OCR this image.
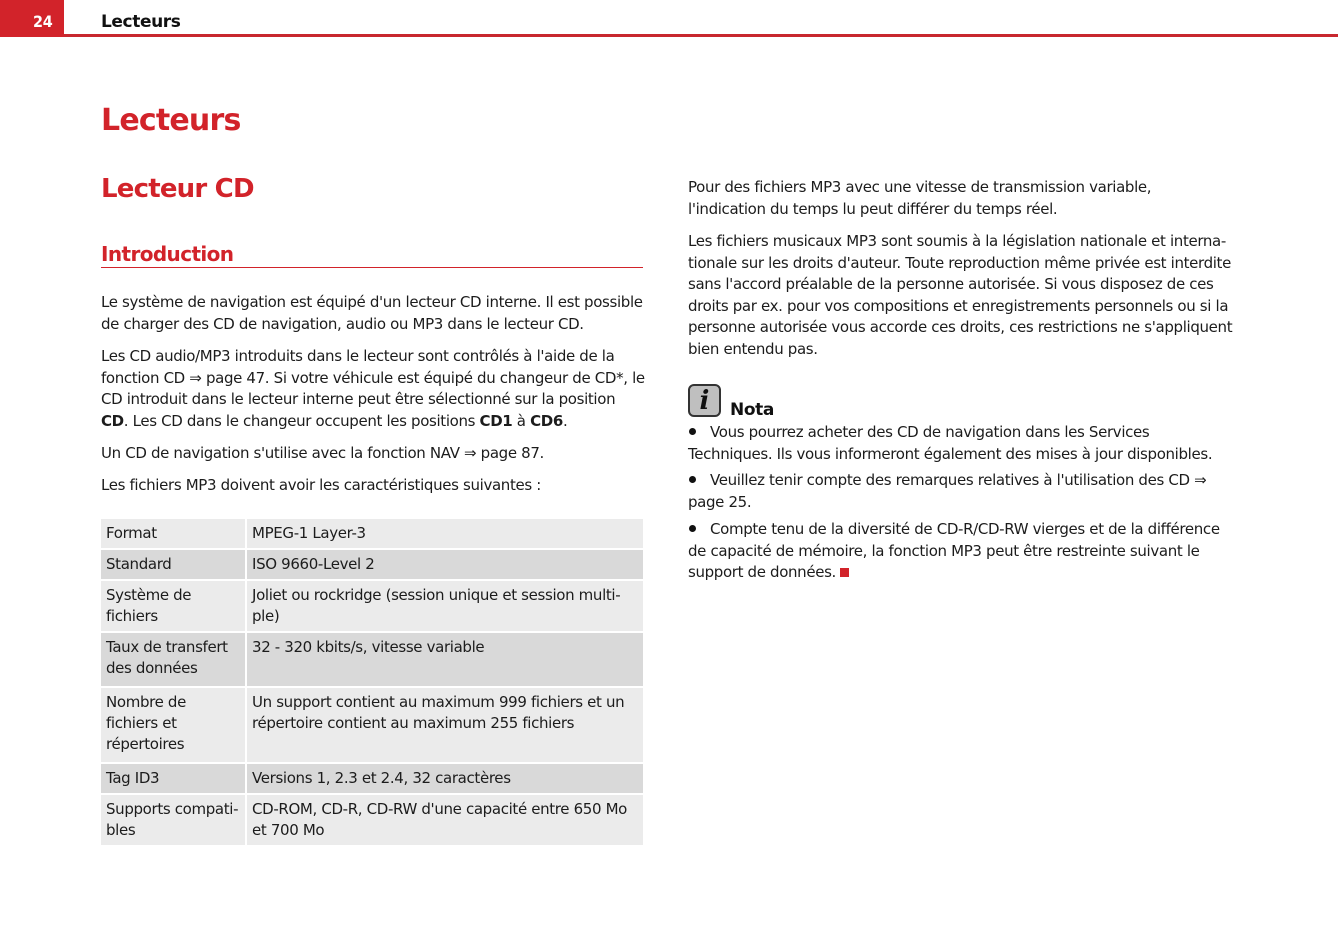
24	Lecteurs
Lecteurs
Lecteur CD
Introduction

Le système de navigation est équipé d'un lecteur CD interne. Il est possible de charger des CD de navigation, audio ou MP3 dans le lecteur CD.

Les CD audio/MP3 introduits dans le lecteur sont contrôlés à l'aide de la fonction CD ⇒ page 47. Si votre véhicule est équipé du changeur de CD*, le CD introduit dans le lecteur interne peut être sélectionné sur la position CD. Les CD dans le changeur occupent les positions CD1 à CD6.

Un CD de navigation s'utilise avec la fonction NAV ⇒ page 87.

Les fichiers MP3 doivent avoir les caractéristiques suivantes :

Format	MPEG-1 Layer-3
Standard	ISO 9660-Level 2
Système de fichiers	Joliet ou rockridge (session unique et session multi-ple)
Taux de transfert des données	32 - 320 kbits/s, vitesse variable
Nombre de fichiers et répertoires	Un support contient au maximum 999 fichiers et un répertoire contient au maximum 255 fichiers
Tag ID3	Versions 1, 2.3 et 2.4, 32 caractères
Supports compati-bles	CD-ROM, CD-R, CD-RW d'une capacité entre 650 Mo et 700 Mo

Pour des fichiers MP3 avec une vitesse de transmission variable, l'indication du temps lu peut différer du temps réel.

Les fichiers musicaux MP3 sont soumis à la législation nationale et interna-tionale sur les droits d'auteur. Toute reproduction même privée est interdite sans l'accord préalable de la personne autorisée. Si vous disposez de ces droits par ex. pour vos compositions et enregistrements personnels ou si la personne autorisée vous accorde ces droits, ces restrictions ne s'appliquent bien entendu pas.

i	Nota

Vous pourrez acheter des CD de navigation dans les Services Techniques. Ils vous informeront également des mises à jour disponibles.

Veuillez tenir compte des remarques relatives à l'utilisation des CD ⇒ page 25.

Compte tenu de la diversité de CD-R/CD-RW vierges et de la différence de capacité de mémoire, la fonction MP3 peut être restreinte suivant le support de données.
